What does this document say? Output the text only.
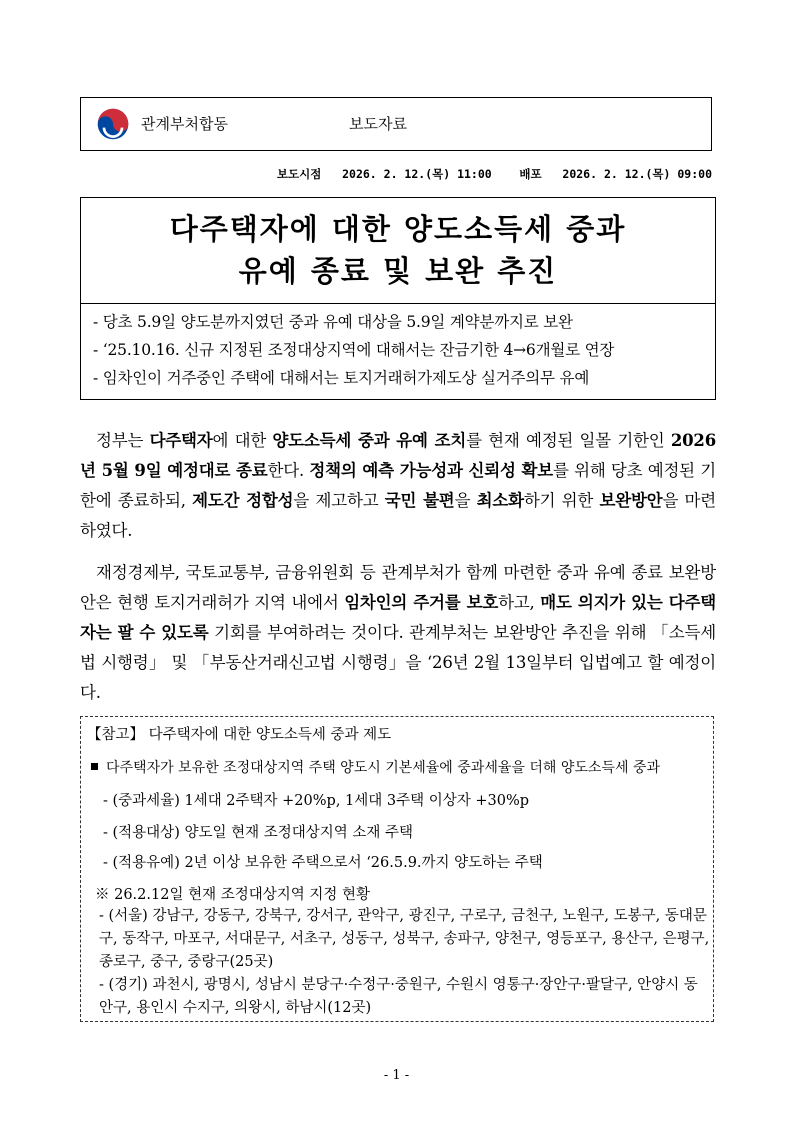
관계부처합동	보도자료
보도시점 2026. 2. 12.(목) 11:00 배포 2026. 2. 12.(목) 09:00
다주택자에 대한 양도소득세 중과
유예 종료 및 보완 추진
- 당초 5.9일 양도분까지였던 중과 유예 대상을 5.9일 계약분까지로 보완
- ‘25.10.16. 신규 지정된 조정대상지역에 대해서는 잔금기한 4→6개월로 연장
- 임차인이 거주중인 주택에 대해서는 토지거래허가제도상 실거주의무 유예
정부는 다주택자에 대한 양도소득세 중과 유예 조치를 현재 예정된 일몰 기한인 2026년 5월 9일 예정대로 종료한다. 정책의 예측 가능성과 신뢰성 확보를 위해 당초 예정된 기한에 종료하되, 제도간 정합성을 제고하고 국민 불편을 최소화하기 위한 보완방안을 마련하였다.
재정경제부, 국토교통부, 금융위원회 등 관계부처가 함께 마련한 중과 유예 종료 보완방안은 현행 토지거래허가 지역 내에서 임차인의 주거를 보호하고, 매도 의지가 있는 다주택자는 팔 수 있도록 기회를 부여하려는 것이다. 관계부처는 보완방안 추진을 위해 「소득세법 시행령」 및 「부동산거래신고법 시행령」을 ‘26년 2월 13일부터 입법예고 할 예정이다.
【참고】 다주택자에 대한 양도소득세 중과 제도
다주택자가 보유한 조정대상지역 주택 양도시 기본세율에 중과세율을 더해 양도소득세 중과
- (중과세율) 1세대 2주택자 +20%p, 1세대 3주택 이상자 +30%p
- (적용대상) 양도일 현재 조정대상지역 소재 주택
- (적용유예) 2년 이상 보유한 주택으로서 ‘26.5.9.까지 양도하는 주택
※ 26.2.12일 현재 조정대상지역 지정 현황
- (서울) 강남구, 강동구, 강북구, 강서구, 관악구, 광진구, 구로구, 금천구, 노원구, 도봉구, 동대문구, 동작구, 마포구, 서대문구, 서초구, 성동구, 성북구, 송파구, 양천구, 영등포구, 용산구, 은평구, 종로구, 중구, 중랑구(25곳)
- (경기) 과천시, 광명시, 성남시 분당구·수정구·중원구, 수원시 영통구·장안구·팔달구, 안양시 동안구, 용인시 수지구, 의왕시, 하남시(12곳)
- 1 -
